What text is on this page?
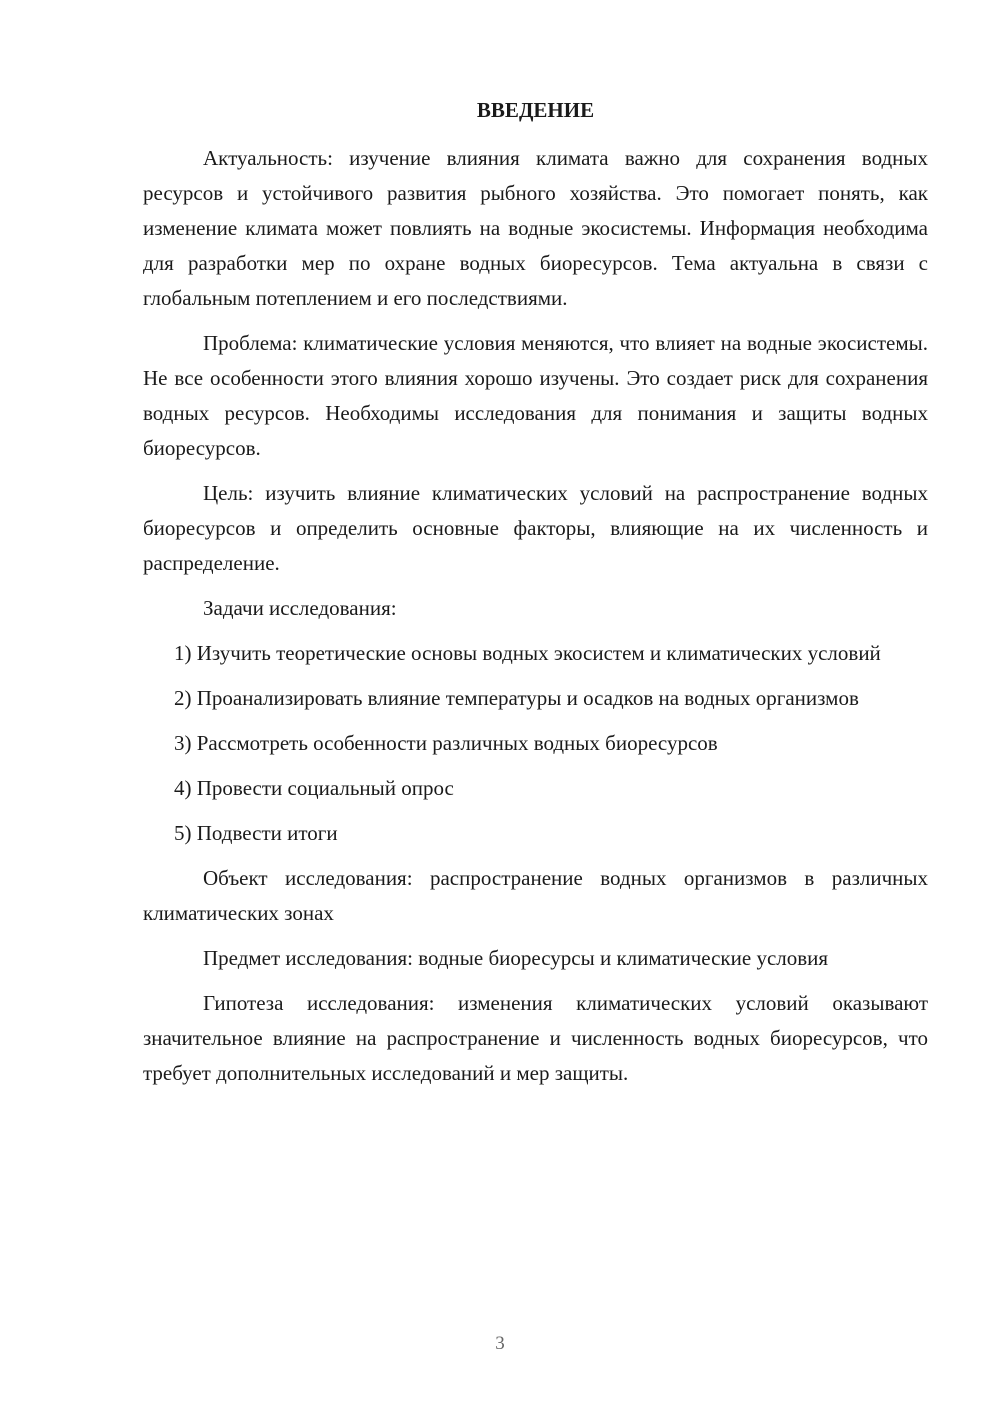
ВВЕДЕНИЕ

Актуальность: изучение влияния климата важно для сохранения водных ресурсов и устойчивого развития рыбного хозяйства. Это помогает понять, как изменение климата может повлиять на водные экосистемы. Информация необходима для разработки мер по охране водных биоресурсов. Тема актуальна в связи с глобальным потеплением и его последствиями.

Проблема: климатические условия меняются, что влияет на водные экосистемы. Не все особенности этого влияния хорошо изучены. Это создает риск для сохранения водных ресурсов. Необходимы исследования для понимания и защиты водных биоресурсов.

Цель: изучить влияние климатических условий на распространение водных биоресурсов и определить основные факторы, влияющие на их численность и распределение.

Задачи исследования:

1) Изучить теоретические основы водных экосистем и климатических условий

2) Проанализировать влияние температуры и осадков на водных организмов

3) Рассмотреть особенности различных водных биоресурсов

4) Провести социальный опрос

5) Подвести итоги

Объект исследования: распространение водных организмов в различных климатических зонах

Предмет исследования: водные биоресурсы и климатические условия

Гипотеза исследования: изменения климатических условий оказывают значительное влияние на распространение и численность водных биоресурсов, что требует дополнительных исследований и мер защиты.

3
